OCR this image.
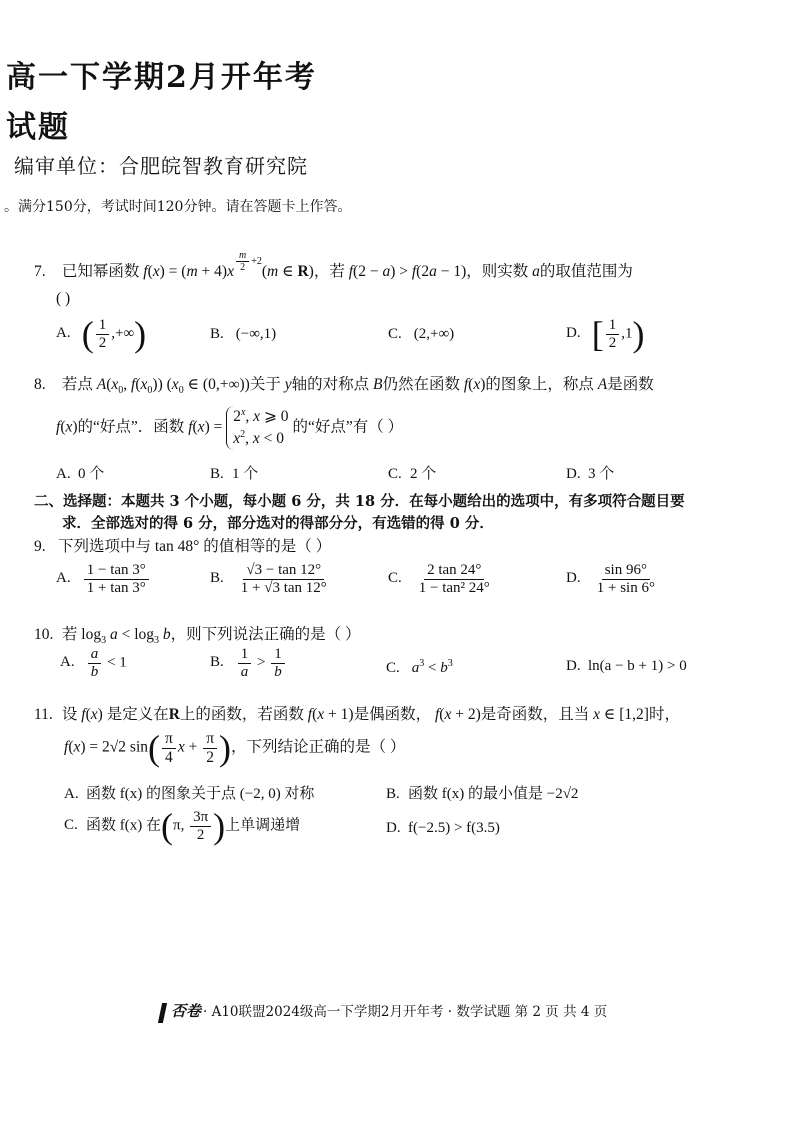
高一下学期2月开年考
试题
编审单位：合肥皖智教育研究院
。满分150分，考试时间120分钟。请在答题卡上作答。
7. 已知幂函数 f(x) = (m + 4)x $^{\frac{m}{2} +2}$(m ∈ R)，若 f(2 − a) > f(2a − 1)，则实数 a的取值范围为
( )
A. ( $\frac{1}{2}$ ,+∞)	B. (−∞,1)	C. (2,+∞)	D. [ $\frac{1}{2} ,1$)
8. 若点 $A(x_0$, $f(x_0)$) ($x_0$ ∈ (0,+∞))关于 y轴的对称点 B仍然在函数 f(x)的图象上，称点 A是函数
f(x)的“好点”．函数 f(x) =
2$^x$, x ⩾ 0
$x^2$, x < 0
的“好点”有（ ）
A. 0 个	B. 1 个	C. 2 个	D. 3 个
二、选择题：本题共 3 个小题，每小题 6 分，共 18 分．在每小题给出的选项中，有多项符合题目要
求．全部选对的得 6 分，部分选对的得部分分，有选错的得 0 分．
9. 下列选项中与 tan 48° 的值相等的是（ ）
A. $\frac{1 - \tan 3^\circ}{1 + \tan 3^\circ}$	B. $\frac{√3 - \tan 12^\circ}{1 + √3 \tan 12^\circ}$	C. $\frac{2 \tan 24^\circ}{\text{1 − tan² 24°}}$	D. $\frac{\sin 96^\circ}{1 + \sin 6^\circ}$
10. 若 $\log_3 a < \log_3 b$，则下列说法正确的是（ ）
A. $\frac{a}{b} < 1$	B. $\frac{1}{a} > \frac{1}{b}$	C. $a^3 < b^3$	D. ln(a − b + 1) > 0
11. 设 f(x) 是定义在R上的函数，若函数 f(x + 1)是偶函数， f(x + 2)是奇函数，且当 x ∈ [1,2]时，
f(x) = 2√2 $\sin( \frac{\pi}{4}$ $x + \frac{\pi}{2}$ )，下列结论正确的是（ ）
A. 函数 f(x) 的图象关于点 (−2, 0) 对称	B. 函数 f(x) 的最小值是 −2√2
C. 函数 f(x) 在(π, $\frac{3\pi}{2}$ )上单调递增	D. f(−2.5) > f(3.5)
否卷 · A10联盟2024级高一下学期2月开年考 · 数学试题 第 2 页 共 4 页
